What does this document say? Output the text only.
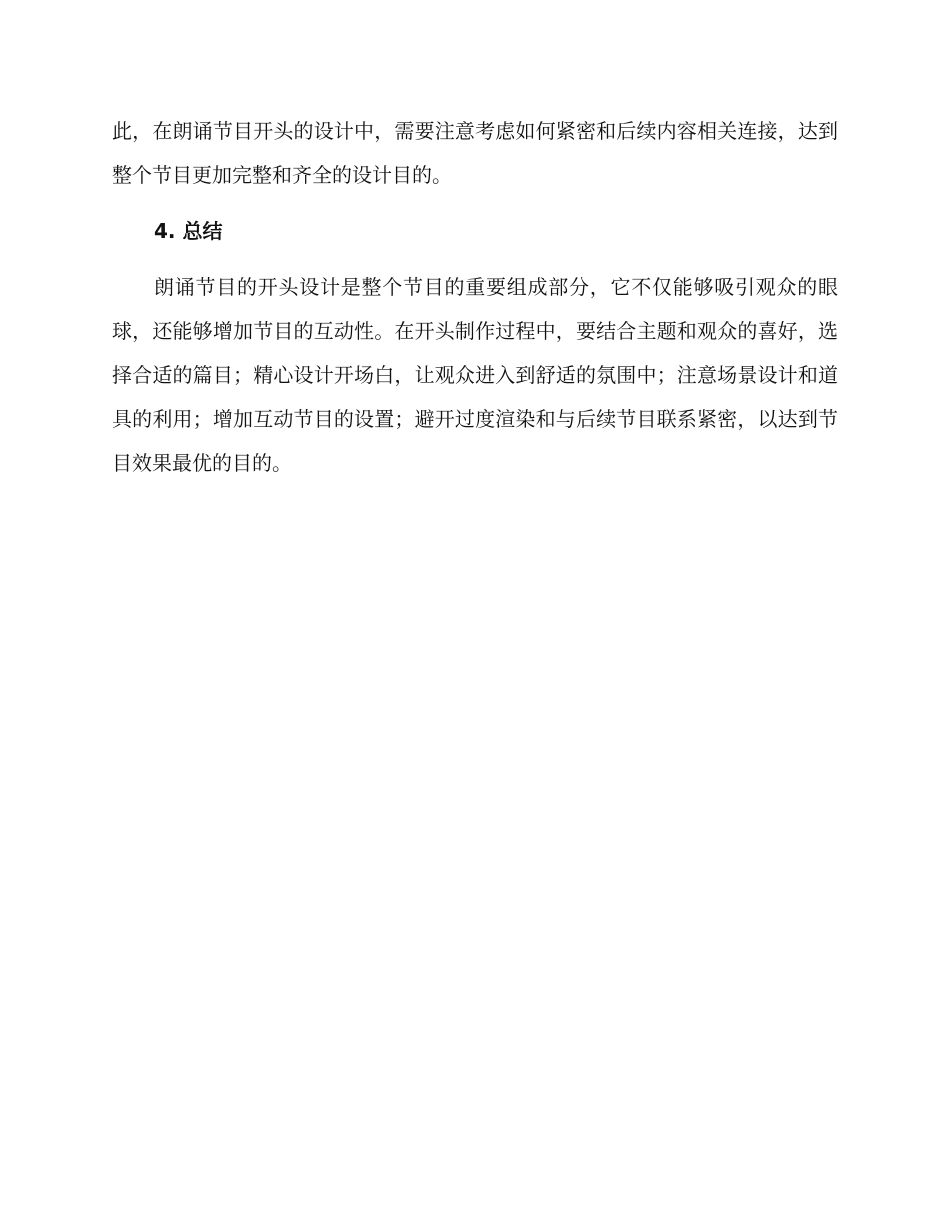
此，在朗诵节目开头的设计中，需要注意考虑如何紧密和后续内容相关连接，达到整个节目更加完整和齐全的设计目的。

4. 总结

朗诵节目的开头设计是整个节目的重要组成部分，它不仅能够吸引观众的眼球，还能够增加节目的互动性。在开头制作过程中，要结合主题和观众的喜好，选择合适的篇目；精心设计开场白，让观众进入到舒适的氛围中；注意场景设计和道具的利用；增加互动节目的设置；避开过度渲染和与后续节目联系紧密，以达到节目效果最优的目的。
